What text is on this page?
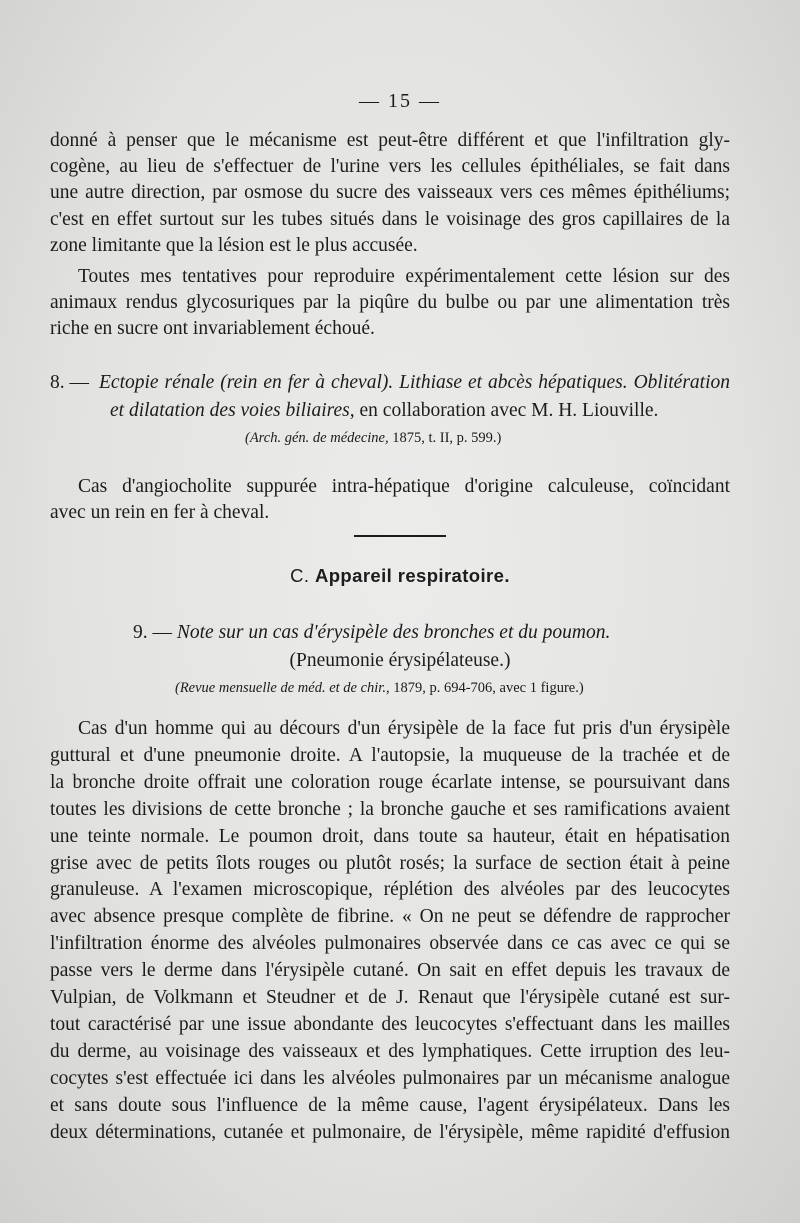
— 15 —
donné à penser que le mécanisme est peut-être différent et que l'infiltration gly-
cogène, au lieu de s'effectuer de l'urine vers les cellules épithéliales, se fait dans
une autre direction, par osmose du sucre des vaisseaux vers ces mêmes épithéliums;
c'est en effet surtout sur les tubes situés dans le voisinage des gros capillaires de la
zone limitante que la lésion est le plus accusée.
Toutes mes tentatives pour reproduire expérimentalement cette lésion sur des
animaux rendus glycosuriques par la piqûre du bulbe ou par une alimentation très
riche en sucre ont invariablement échoué.
8. — Ectopie rénale (rein en fer à cheval). Lithiase et abcès hépatiques. Oblitération
et dilatation des voies biliaires, en collaboration avec M. H. Liouville.
(Arch. gén. de médecine, 1875, t. II, p. 599.)
Cas d'angiocholite suppurée intra-hépatique d'origine calculeuse, coïncidant
avec un rein en fer à cheval.
C. Appareil respiratoire.
9. — Note sur un cas d'érysipèle des bronches et du poumon.
(Pneumonie érysipélateuse.)
(Revue mensuelle de méd. et de chir., 1879, p. 694-706, avec 1 figure.)
Cas d'un homme qui au décours d'un érysipèle de la face fut pris d'un érysipèle
guttural et d'une pneumonie droite. A l'autopsie, la muqueuse de la trachée et de
la bronche droite offrait une coloration rouge écarlate intense, se poursuivant dans
toutes les divisions de cette bronche ; la bronche gauche et ses ramifications avaient
une teinte normale. Le poumon droit, dans toute sa hauteur, était en hépatisation
grise avec de petits îlots rouges ou plutôt rosés; la surface de section était à peine
granuleuse. A l'examen microscopique, réplétion des alvéoles par des leucocytes
avec absence presque complète de fibrine. « On ne peut se défendre de rapprocher
l'infiltration énorme des alvéoles pulmonaires observée dans ce cas avec ce qui se
passe vers le derme dans l'érysipèle cutané. On sait en effet depuis les travaux de
Vulpian, de Volkmann et Steudner et de J. Renaut que l'érysipèle cutané est sur-
tout caractérisé par une issue abondante des leucocytes s'effectuant dans les mailles
du derme, au voisinage des vaisseaux et des lymphatiques. Cette irruption des leu-
cocytes s'est effectuée ici dans les alvéoles pulmonaires par un mécanisme analogue
et sans doute sous l'influence de la même cause, l'agent érysipélateux. Dans les
deux déterminations, cutanée et pulmonaire, de l'érysipèle, même rapidité d'effusion
